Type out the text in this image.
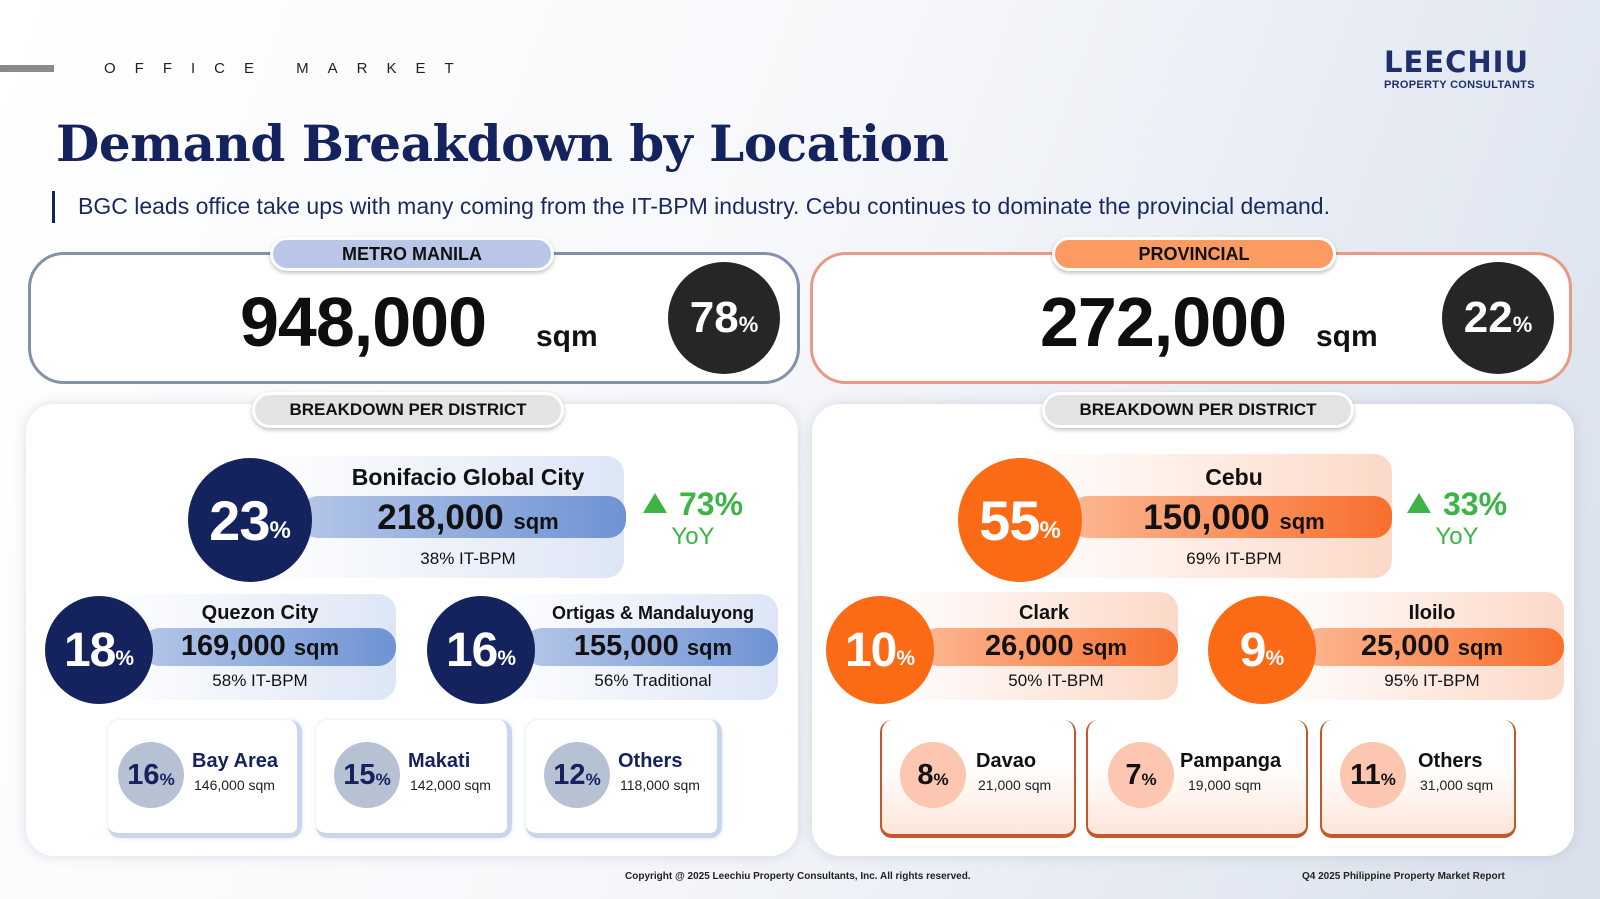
OFFICE MARKET	LEECHIU
PROPERTY CONSULTANTS
Demand Breakdown by Location
BGC leads office take ups with many coming from the IT-BPM industry. Cebu continues to dominate the provincial demand.
METRO MANILA
948,000 sqm 78 %
PROVINCIAL
272,000 sqm 22 %
BREAKDOWN PER DISTRICT	BREAKDOWN PER DISTRICT
23 %
Bonifacio Global City
218,000 sqm
38% IT-BPM
73%
YoY
18 %
Quezon City
169,000 sqm
58% IT-BPM
16 %
Ortigas & Mandaluyong
155,000 sqm
56% Traditional
16 %
Bay Area
146,000 sqm 15 %
Makati
142,000 sqm 12 %
Others
118,000 sqm
55 %
Cebu
150,000 sqm
69% IT-BPM
33%
YoY
10 %
Clark
26,000 sqm
50% IT-BPM
9 %
Iloilo
25,000 sqm
95% IT-BPM
8 %
Davao
21,000 sqm	7 %
Pampanga
19,000 sqm	11 %
Others
31,000 sqm
Copyright @ 2025 Leechiu Property Consultants, Inc. All rights reserved.	Q4 2025 Philippine Property Market Report
